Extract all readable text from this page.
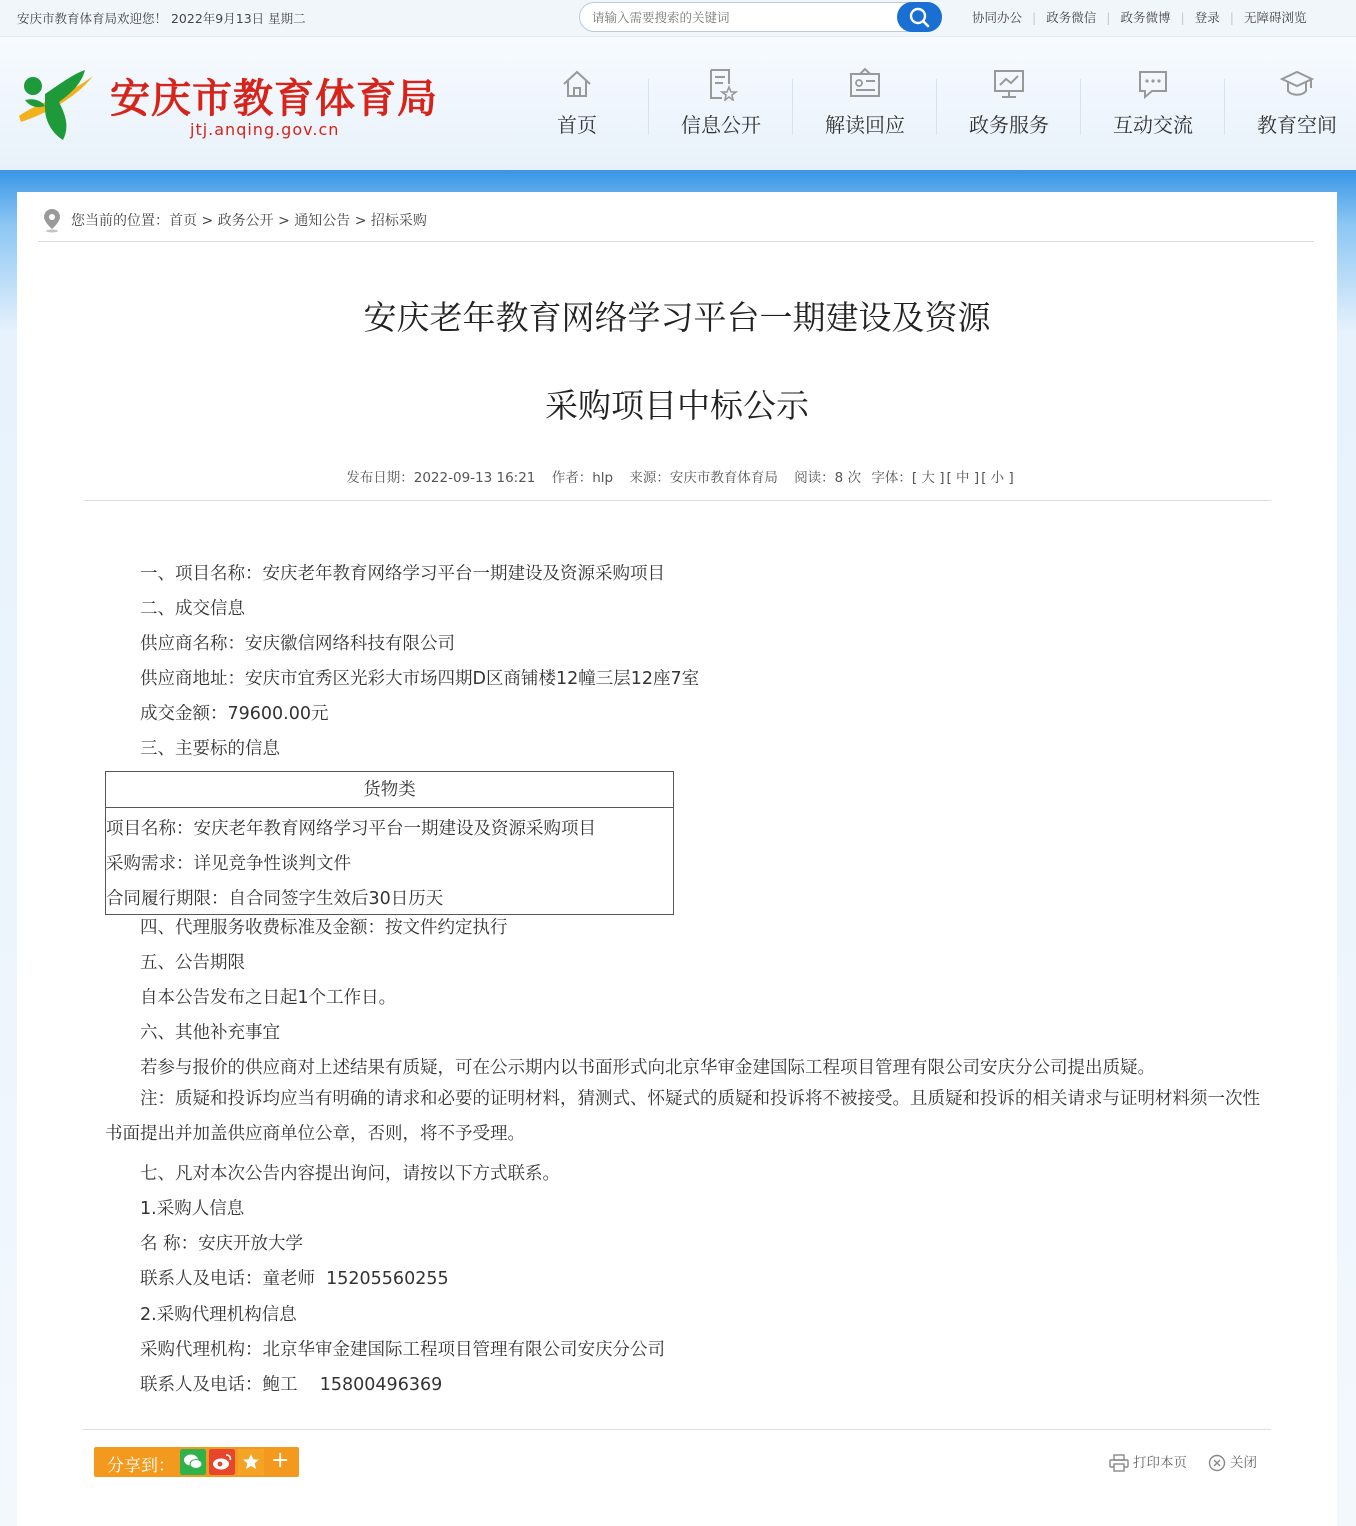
安庆市教育体育局欢迎您！ 2022年9月13日 星期二
请输入需要搜索的关键词	协同办公 | 政务微信 | 政务微博 | 登录 | 无障碍浏览
安庆市教育体育局
jtj.anqing.gov.cn	首页	信息公开	解读回应	政务服务	互动交流	教育空间
您当前的位置：首页 > 政务公开 > 通知公告 > 招标采购
安庆老年教育网络学习平台一期建设及资源
采购项目中标公示
发布日期：2022-09-13 16:21 作者：hlp 来源：安庆市教育体育局 阅读：8 次 字体：[ 大 ] [ 中 ] [ 小 ]
一、项目名称：安庆老年教育网络学习平台一期建设及资源采购项目
二、成交信息
供应商名称：安庆徽信网络科技有限公司
供应商地址：安庆市宜秀区光彩大市场四期D区商铺楼12幢三层12座7室
成交金额：79600.00元
三、主要标的信息
货物类
项目名称：安庆老年教育网络学习平台一期建设及资源采购项目
采购需求：详见竞争性谈判文件
合同履行期限：自合同签字生效后30日历天
四、代理服务收费标准及金额：按文件约定执行
五、公告期限
自本公告发布之日起1个工作日。
六、其他补充事宜
若参与报价的供应商对上述结果有质疑，可在公示期内以书面形式向北京华审金建国际工程项目管理有限公司安庆分公司提出质疑。
注：质疑和投诉均应当有明确的请求和必要的证明材料，猜测式、怀疑式的质疑和投诉将不被接受。且质疑和投诉的相关请求与证明材料须一次性书面提出并加盖供应商单位公章，否则，将不予受理。
七、凡对本次公告内容提出询问，请按以下方式联系。
1.采购人信息
名 称：安庆开放大学
联系人及电话：童老师  15205560255
2.采购代理机构信息
采购代理机构：北京华审金建国际工程项目管理有限公司安庆分公司
联系人及电话：鲍工    15800496369
分享到：	+	打印本页	关闭
